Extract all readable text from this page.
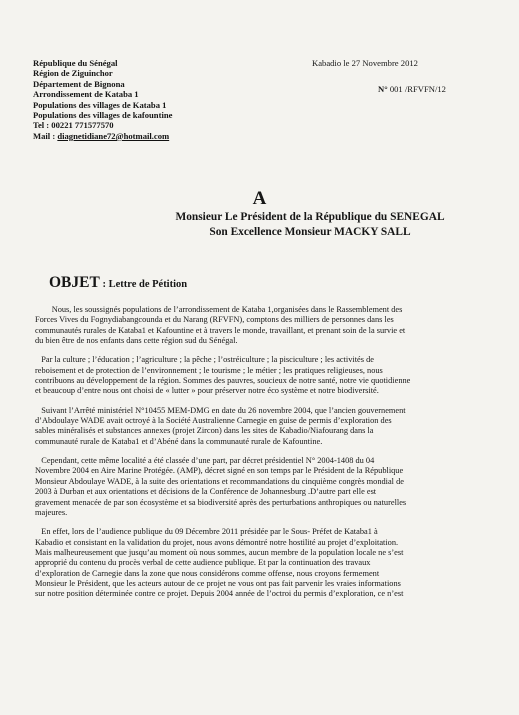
République du Sénégal
Région de Ziguinchor
Département de Bignona
Arrondissement de Kataba 1
Populations des villages de Kataba 1
Populations des villages de kafountine
Tel : 00221 771577570
Mail : diagnetidiane72@hotmail.com
Kabadio le 27 Novembre 2012
N° 001 /RFVFN/12
A
Monsieur Le Président de la République du SENEGAL
Son Excellence Monsieur MACKY SALL
OBJET : Lettre de Pétition
Nous, les soussignés populations de l’arrondissement de Kataba 1,organisées dans le Rassemblement des
Forces Vives du Fognydiabangcounda et du Narang (RFVFN), comptons des milliers de personnes dans les
communautés rurales de Kataba1 et Kafountine et à travers le monde, travaillant, et prenant soin de la survie et
du bien être de nos enfants dans cette région sud du Sénégal.
Par la culture ; l’éducation ; l’agriculture ; la pêche ; l’ostréiculture ; la pisciculture ; les activités de
reboisement et de protection de l’environnement ; le tourisme ; le métier ; les pratiques religieuses, nous
contribuons au développement de la région. Sommes des pauvres, soucieux de notre santé, notre vie quotidienne
et beaucoup d’entre nous ont choisi de « lutter » pour préserver notre éco système et notre biodiversité.
Suivant l’Arrêté ministériel N°10455 MEM-DMG en date du 26 novembre 2004, que l’ancien gouvernement
d’Abdoulaye WADE avait octroyé à la Société Australienne Carnegie en guise de permis d’exploration des
sables minéralisés et substances annexes (projet Zircon) dans les sites de Kabadio/Niafourang dans la
communauté rurale de Kataba1 et d’Abéné dans la communauté rurale de Kafountine.
Cependant, cette même localité a été classée d’une part, par décret présidentiel N° 2004-1408 du 04
Novembre 2004 en Aire Marine Protégée. (AMP), décret signé en son temps par le Président de la République
Monsieur Abdoulaye WADE, à la suite des orientations et recommandations du cinquième congrès mondial de
2003 à Durban et aux orientations et décisions de la Conférence de Johannesburg .D’autre part elle est
gravement menacée de par son écosystème et sa biodiversité après des perturbations anthropiques ou naturelles
majeures.
En effet, lors de l’audience publique du 09 Décembre 2011 présidée par le Sous- Préfet de Kataba1 à
Kabadio et consistant en la validation du projet, nous avons démontré notre hostilité au projet d’exploitation.
Mais malheureusement que jusqu’au moment où nous sommes, aucun membre de la population locale ne s’est
approprié du contenu du procès verbal de cette audience publique. Et par la continuation des travaux
d’exploration de Carnegie dans la zone que nous considérons comme offense, nous croyons fermement
Monsieur le Président, que les acteurs autour de ce projet ne vous ont pas fait parvenir les vraies informations
sur notre position déterminée contre ce projet. Depuis 2004 année de l’octroi du permis d’exploration, ce n’est
